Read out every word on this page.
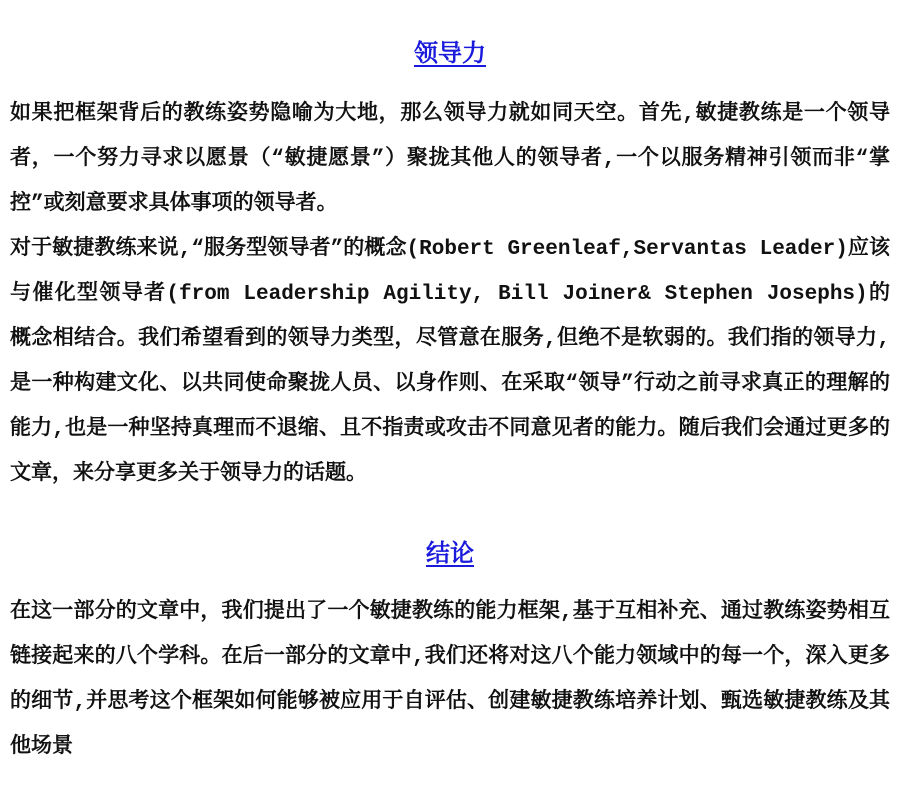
领导力

如果把框架背后的教练姿势隐喻为大地，那么领导力就如同天空。首先,敏捷教练是一个领导者，一个努力寻求以愿景（“敏捷愿景”）聚拢其他人的领导者,一个以服务精神引领而非“掌控”或刻意要求具体事项的领导者。

对于敏捷教练来说,“服务型领导者”的概念(Robert Greenleaf,Servantas Leader)应该与催化型领导者(from Leadership Agility, Bill Joiner& Stephen Josephs)的概念相结合。我们希望看到的领导力类型，尽管意在服务,但绝不是软弱的。我们指的领导力,是一种构建文化、以共同使命聚拢人员、以身作则、在采取“领导”行动之前寻求真正的理解的能力,也是一种坚持真理而不退缩、且不指责或攻击不同意见者的能力。随后我们会通过更多的文章，来分享更多关于领导力的话题。

结论

在这一部分的文章中，我们提出了一个敏捷教练的能力框架,基于互相补充、通过教练姿势相互链接起来的八个学科。在后一部分的文章中,我们还将对这八个能力领域中的每一个，深入更多的细节,并思考这个框架如何能够被应用于自评估、创建敏捷教练培养计划、甄选敏捷教练及其他场景
